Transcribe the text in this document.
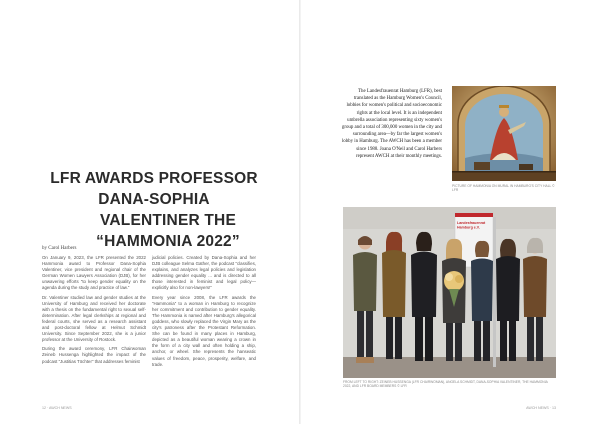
LFR AWARDS PROFESSOR DANA-SOPHIA
VALENTINER THE “HAMMONIA 2022”
by Carol Harbers

On January 9, 2023, the LFR presented the 2022 Hammonia award to Professor Dana-Sophia Valentiner, vice president and regional chair of the German Women Lawyers Association (DJB), for her unwavering efforts “to keep gender equality on the agenda during the study and practice of law.”

Dr. Valentiner studied law and gender studies at the University of Hamburg and received her doctorate with a thesis on the fundamental right to sexual self-determination. After legal clerkships at regional and federal courts, she served as a research assistant and post-doctoral fellow at Helmut Schmidt University. Since September 2022, she is a junior professor at the University of Rostock.

During the award ceremony, LFR Chairwoman Zeineb Hussenga highlighted the impact of the podcast “Justitias Töchter” that addresses feminist

judicial policies. Created by Dana-Sophia and her DJB colleague Selma Gather, the podcast “classifies, explains, and analyzes legal policies and legislation addressing gender equality ... and is directed to all those interested in feminist and legal policy—explicitly also for non-lawyers!”

Every year since 2008, the LFR awards the “Hammonia” to a woman in Hamburg to recognize her commitment and contribution to gender equality. The Hammonia is named after Hamburg's allegorical goddess, who slowly replaced the Virgin Mary as the city's patroness after the Protestant Reformation. She can be found in many places in Hamburg, depicted as a beautiful woman wearing a crown in the form of a city wall and often holding a ship, anchor, or wheel. She represents the hanseatic values of freedom, peace, prosperity, welfare, and trade.

12 · AWCH NEWS
The Landesfrauenrat Hamburg (LFR), best translated as the Hamburg Women's Council, lobbies for women's political and socioeconomic rights at the local level. It is an independent umbrella association representing sixty women's group and a total of 300,000 women in the city and surrounding area—by far the largest women's lobby in Hamburg. The AWCH has been a member since 1988. Joana O'Neil and Carol Harbers represent AWCH at their monthly meetings.
PICTURE OF HAMMONIA ON MURAL IN HAMBURG'S CITY HALL © LFR
Landesfrauenrat
Hamburg e.V.
FROM LEFT TO RIGHT: ZEINEB HUSSENGA (LFR CHAIRWOMAN), ANGELA SCHMIDT, DANA-SOPHIA VALENTINER, THE HAMMONIA 2022, AND LFR BOARD MEMBERS © LFR
AWCH NEWS · 13
